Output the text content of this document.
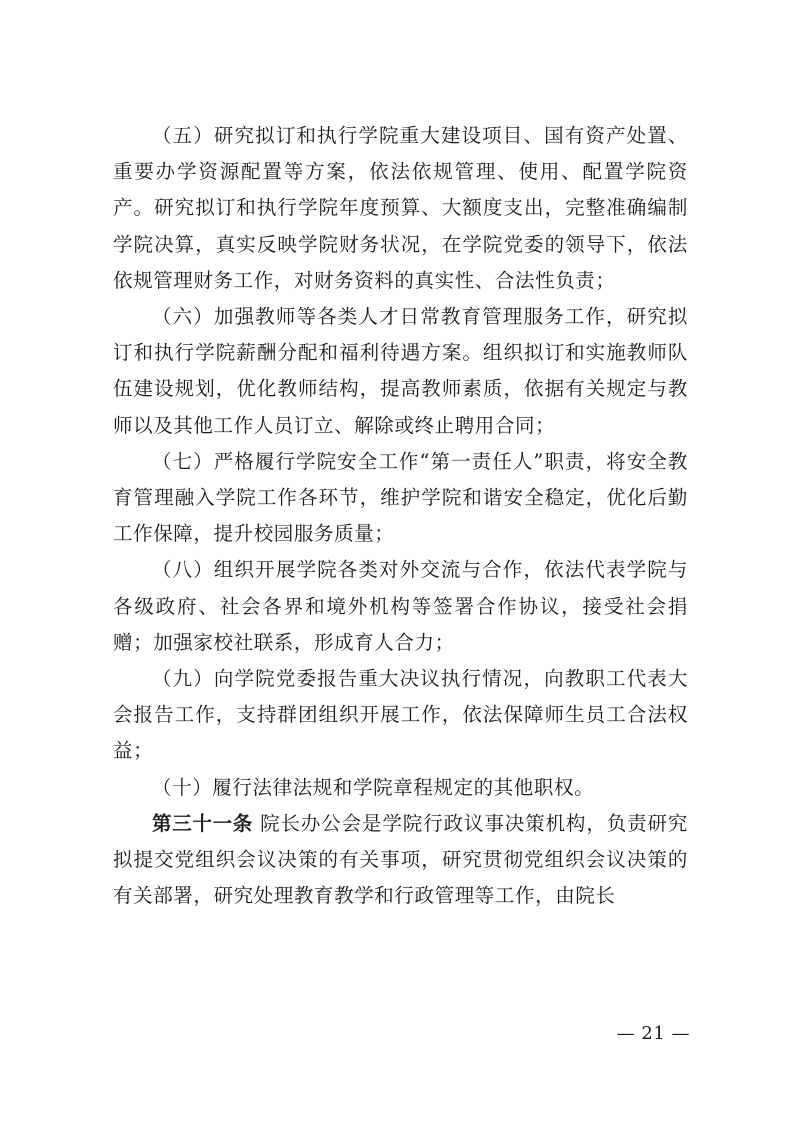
（五）研究拟订和执行学院重大建设项目、国有资产处置、重要办学资源配置等方案，依法依规管理、使用、配置学院资产。研究拟订和执行学院年度预算、大额度支出，完整准确编制学院决算，真实反映学院财务状况，在学院党委的领导下，依法依规管理财务工作，对财务资料的真实性、合法性负责；

（六）加强教师等各类人才日常教育管理服务工作，研究拟订和执行学院薪酬分配和福利待遇方案。组织拟订和实施教师队伍建设规划，优化教师结构，提高教师素质，依据有关规定与教师以及其他工作人员订立、解除或终止聘用合同；

（七）严格履行学院安全工作“第一责任人”职责，将安全教育管理融入学院工作各环节，维护学院和谐安全稳定，优化后勤工作保障，提升校园服务质量；

（八）组织开展学院各类对外交流与合作，依法代表学院与各级政府、社会各界和境外机构等签署合作协议，接受社会捐赠；加强家校社联系，形成育人合力；

（九）向学院党委报告重大决议执行情况，向教职工代表大会报告工作，支持群团组织开展工作，依法保障师生员工合法权益；

（十）履行法律法规和学院章程规定的其他职权。

第三十一条 院长办公会是学院行政议事决策机构，负责研究拟提交党组织会议决策的有关事项，研究贯彻党组织会议决策的有关部署，研究处理教育教学和行政管理等工作，由院长

— 21 —
